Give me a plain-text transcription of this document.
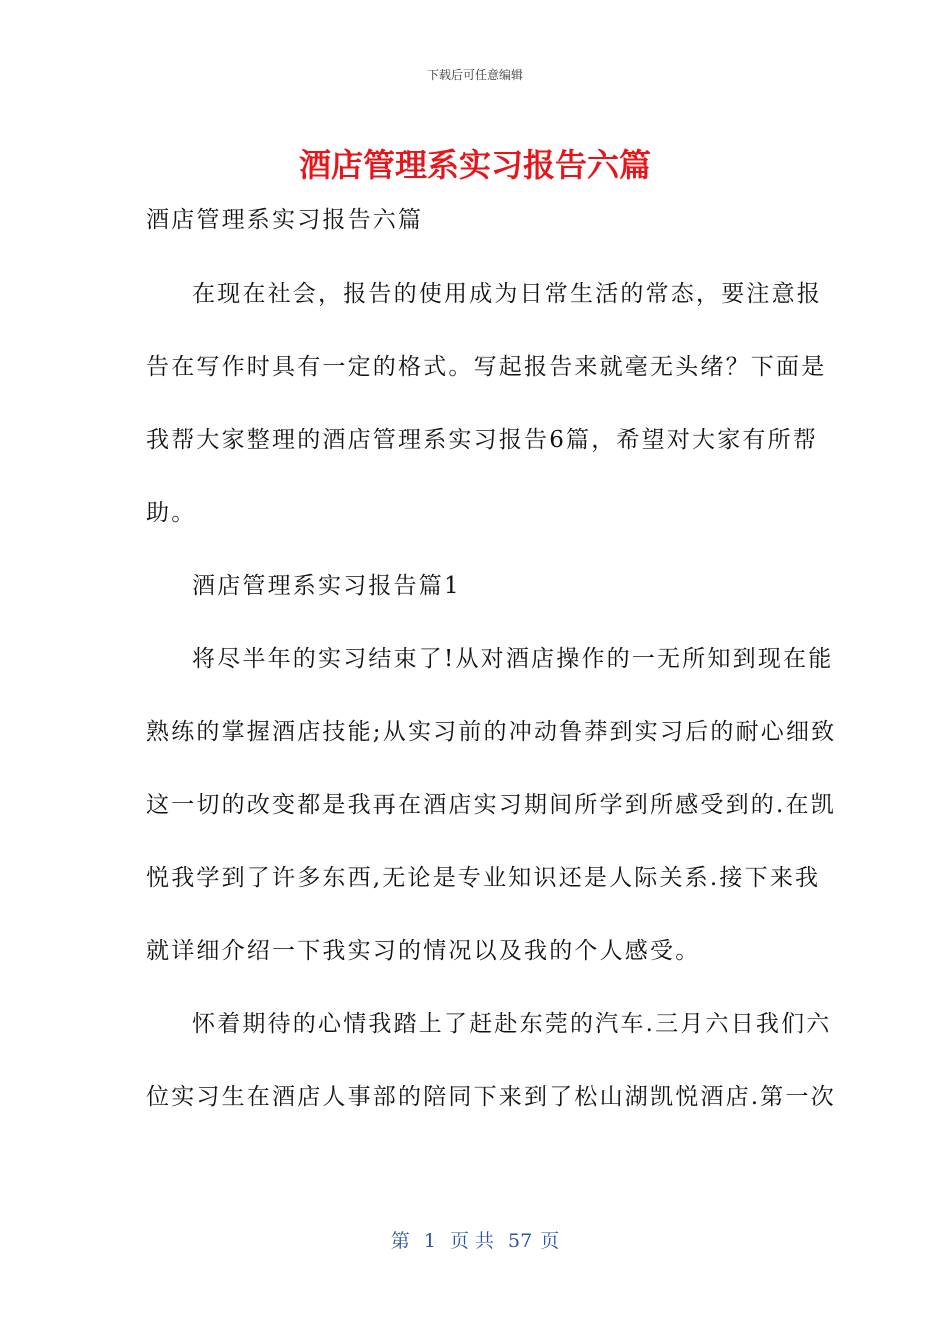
下载后可任意编辑
酒店管理系实习报告六篇
酒店管理系实习报告六篇
在现在社会，报告的使用成为日常生活的常态，要注意报
告在写作时具有一定的格式。写起报告来就毫无头绪？下面是
我帮大家整理的酒店管理系实习报告6篇，希望对大家有所帮
助。
酒店管理系实习报告篇1
将尽半年的实习结束了!从对酒店操作的一无所知到现在能
熟练的掌握酒店技能;从实习前的冲动鲁莽到实习后的耐心细致
这一切的改变都是我再在酒店实习期间所学到所感受到的.在凯
悦我学到了许多东西,无论是专业知识还是人际关系.接下来我
就详细介绍一下我实习的情况以及我的个人感受。
怀着期待的心情我踏上了赶赴东莞的汽车.三月六日我们六
位实习生在酒店人事部的陪同下来到了松山湖凯悦酒店.第一次
第 1 页 共 57 页
